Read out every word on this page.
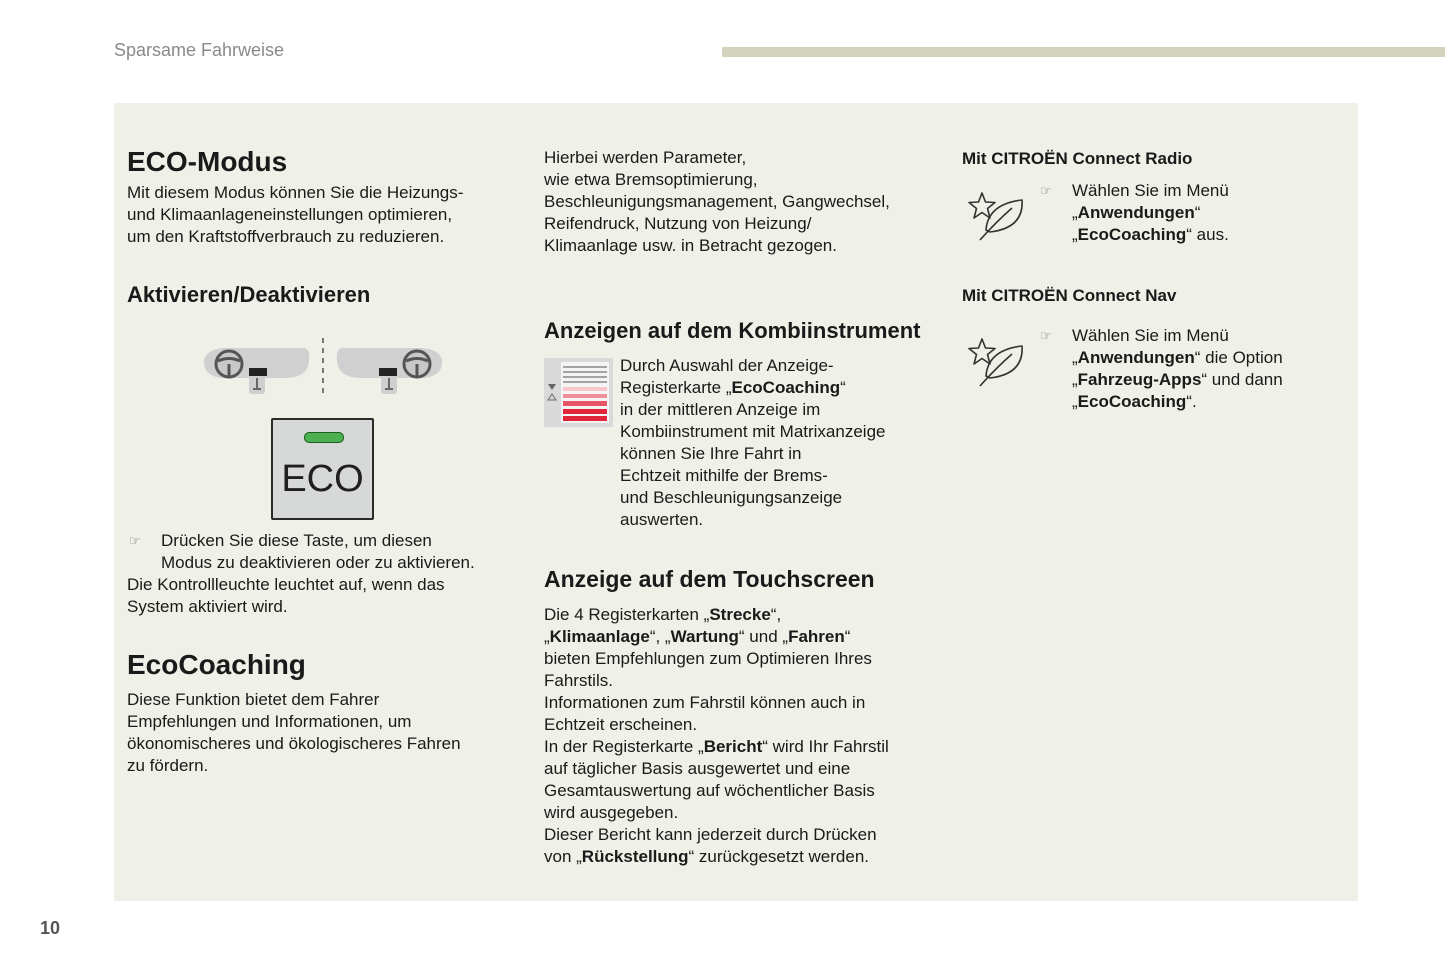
Sparsame Fahrweise
ECO-Modus

Mit diesem Modus können Sie die Heizungs-
und Klimaanlageneinstellungen optimieren,
um den Kraftstoffverbrauch zu reduzieren.

Aktivieren/Deaktivieren
ECO
☞ Drücken Sie diese Taste, um diesen
Modus zu deaktivieren oder zu aktivieren.

Die Kontrollleuchte leuchtet auf, wenn das
System aktiviert wird.

EcoCoaching

Diese Funktion bietet dem Fahrer
Empfehlungen und Informationen, um
ökonomischeres und ökologischeres Fahren
zu fördern.

Hierbei werden Parameter,
wie etwa Bremsoptimierung,
Beschleunigungsmanagement, Gangwechsel,
Reifendruck, Nutzung von Heizung/
Klimaanlage usw. in Betracht gezogen.

Anzeigen auf dem Kombiinstrument

Durch Auswahl der Anzeige-
Registerkarte „EcoCoaching“
in der mittleren Anzeige im
Kombiinstrument mit Matrixanzeige
können Sie Ihre Fahrt in
Echtzeit mithilfe der Brems-
und Beschleunigungsanzeige
auswerten.

Anzeige auf dem Touchscreen

Die 4 Registerkarten „Strecke“,
„Klimaanlage“, „Wartung“ und „Fahren“
bieten Empfehlungen zum Optimieren Ihres
Fahrstils.
Informationen zum Fahrstil können auch in
Echtzeit erscheinen.
In der Registerkarte „Bericht“ wird Ihr Fahrstil
auf täglicher Basis ausgewertet und eine
Gesamtauswertung auf wöchentlicher Basis
wird ausgegeben.
Dieser Bericht kann jederzeit durch Drücken
von „Rückstellung“ zurückgesetzt werden.

Mit CITROËN Connect Radio
☞ Wählen Sie im Menü
„Anwendungen“
„EcoCoaching“ aus.

Mit CITROËN Connect Nav
☞ Wählen Sie im Menü
„Anwendungen“ die Option
„Fahrzeug-Apps“ und dann
„EcoCoaching“.

10
